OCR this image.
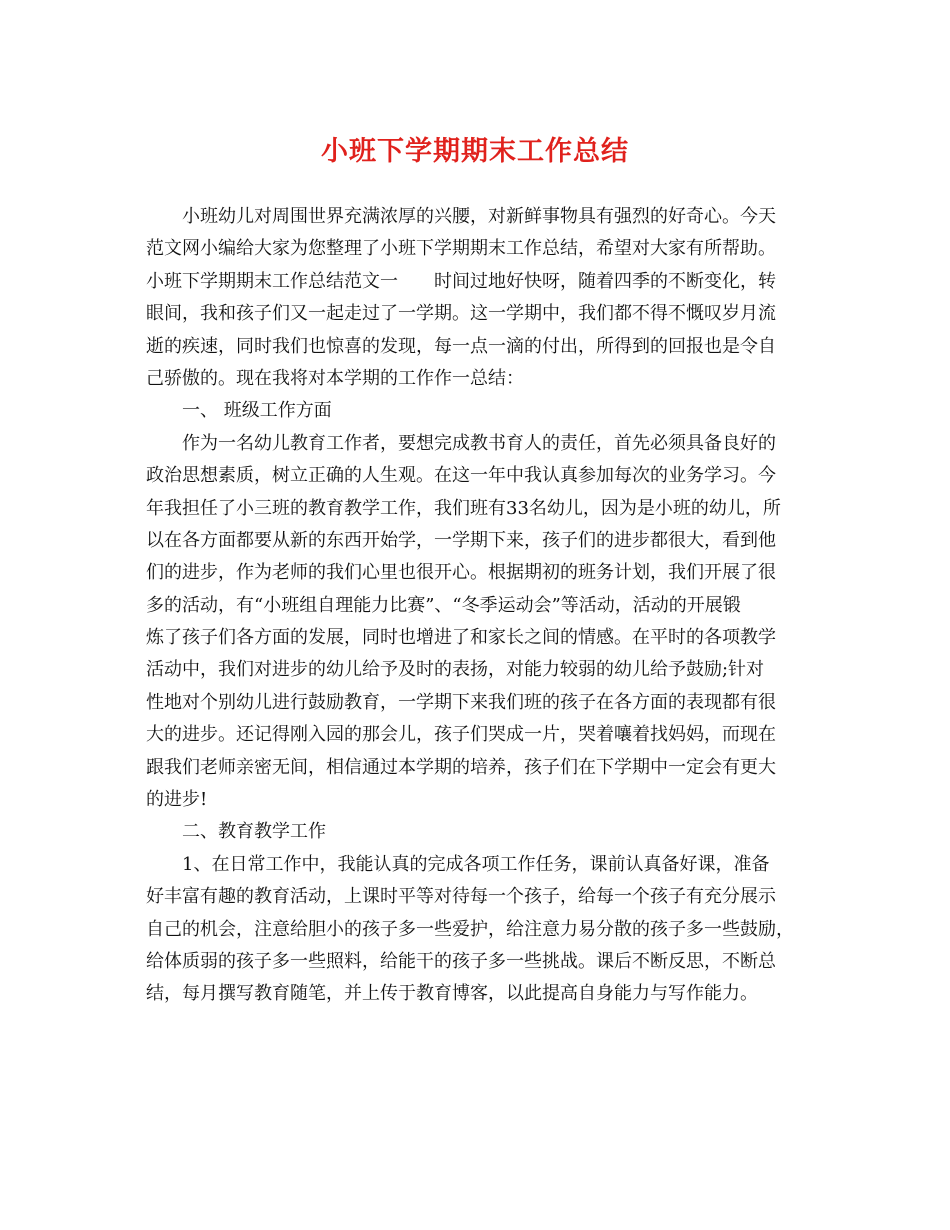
小班下学期期末工作总结
小班幼儿对周围世界充满浓厚的兴腰，对新鲜事物具有强烈的好奇心。今天
范文网小编给大家为您整理了小班下学期期末工作总结，希望对大家有所帮助。
小班下学期期末工作总结范文一 时间过地好快呀，随着四季的不断变化，转
眼间，我和孩子们又一起走过了一学期。这一学期中，我们都不得不慨叹岁月流
逝的疾速，同时我们也惊喜的发现，每一点一滴的付出，所得到的回报也是令自
己骄傲的。现在我将对本学期的工作作一总结：
一、 班级工作方面
作为一名幼儿教育工作者，要想完成教书育人的责任，首先必须具备良好的
政治思想素质，树立正确的人生观。在这一年中我认真参加每次的业务学习。今
年我担任了小三班的教育教学工作，我们班有33名幼儿，因为是小班的幼儿，所
以在各方面都要从新的东西开始学，一学期下来，孩子们的进步都很大，看到他
们的进步，作为老师的我们心里也很开心。根据期初的班务计划，我们开展了很
多的活动，有“小班组自理能力比赛”、“冬季运动会”等活动，活动的开展锻
炼了孩子们各方面的发展，同时也增进了和家长之间的情感。在平时的各项教学
活动中，我们对进步的幼儿给予及时的表扬，对能力较弱的幼儿给予鼓励;针对
性地对个别幼儿进行鼓励教育，一学期下来我们班的孩子在各方面的表现都有很
大的进步。还记得刚入园的那会儿，孩子们哭成一片，哭着嚷着找妈妈，而现在
跟我们老师亲密无间，相信通过本学期的培养，孩子们在下学期中一定会有更大
的进步!
二、教育教学工作
1、在日常工作中，我能认真的完成各项工作任务，课前认真备好课，准备
好丰富有趣的教育活动，上课时平等对待每一个孩子，给每一个孩子有充分展示
自己的机会，注意给胆小的孩子多一些爱护，给注意力易分散的孩子多一些鼓励，
给体质弱的孩子多一些照料，给能干的孩子多一些挑战。课后不断反思，不断总
结，每月撰写教育随笔，并上传于教育博客，以此提高自身能力与写作能力。
